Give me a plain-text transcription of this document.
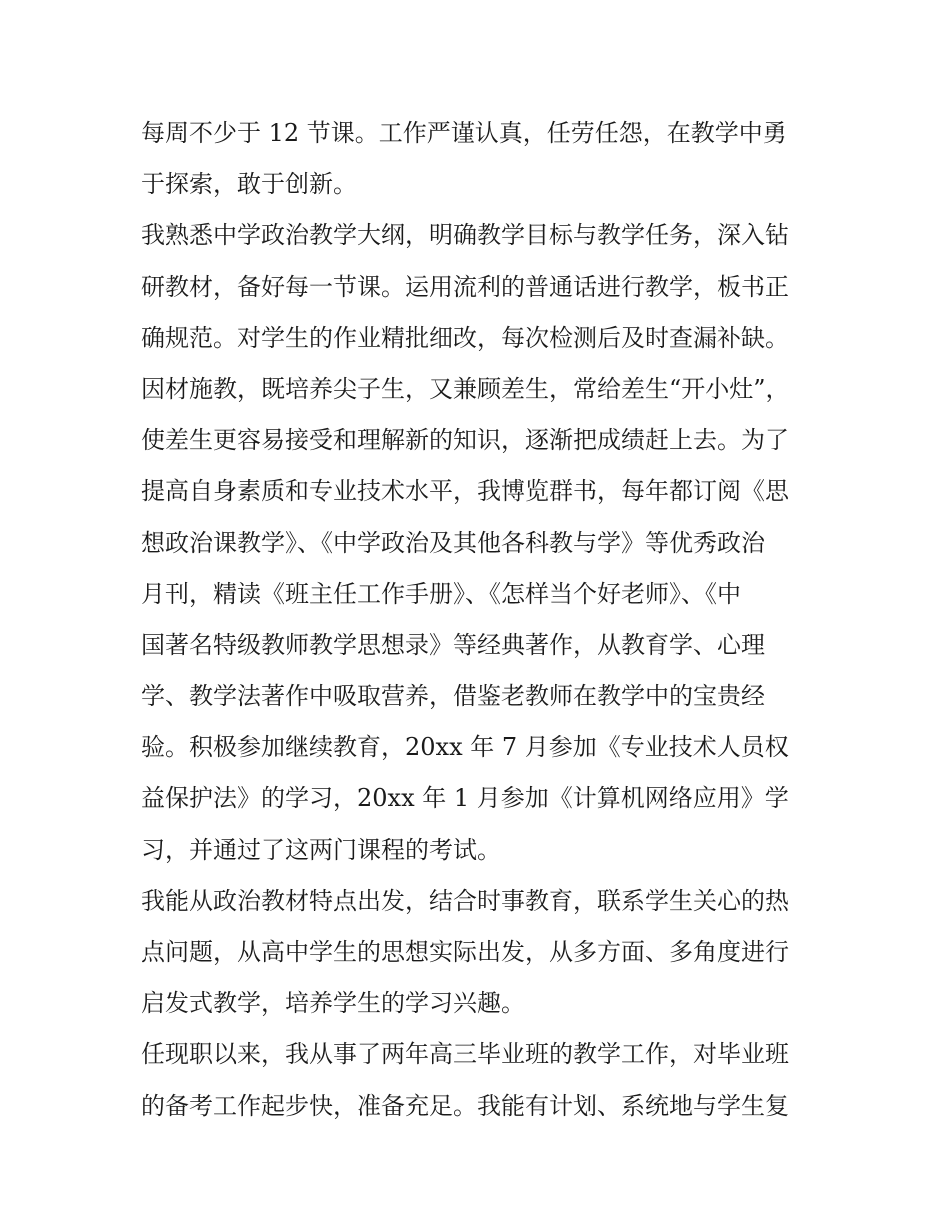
每周不少于 12 节课。工作严谨认真，任劳任怨，在教学中勇
于探索，敢于创新。
我熟悉中学政治教学大纲，明确教学目标与教学任务，深入钻
研教材，备好每一节课。运用流利的普通话进行教学，板书正
确规范。对学生的作业精批细改，每次检测后及时查漏补缺。
因材施教，既培养尖子生，又兼顾差生，常给差生“开小灶”，
使差生更容易接受和理解新的知识，逐渐把成绩赶上去。为了
提高自身素质和专业技术水平，我博览群书，每年都订阅《思
想政治课教学》、《中学政治及其他各科教与学》等优秀政治
月刊，精读《班主任工作手册》、《怎样当个好老师》、《中
国著名特级教师教学思想录》等经典著作，从教育学、心理
学、教学法著作中吸取营养，借鉴老教师在教学中的宝贵经
验。积极参加继续教育，20xx 年 7 月参加《专业技术人员权
益保护法》的学习，20xx 年 1 月参加《计算机网络应用》学
习，并通过了这两门课程的考试。
我能从政治教材特点出发，结合时事教育，联系学生关心的热
点问题，从高中学生的思想实际出发，从多方面、多角度进行
启发式教学，培养学生的学习兴趣。
任现职以来，我从事了两年高三毕业班的教学工作，对毕业班
的备考工作起步快，准备充足。我能有计划、系统地与学生复
